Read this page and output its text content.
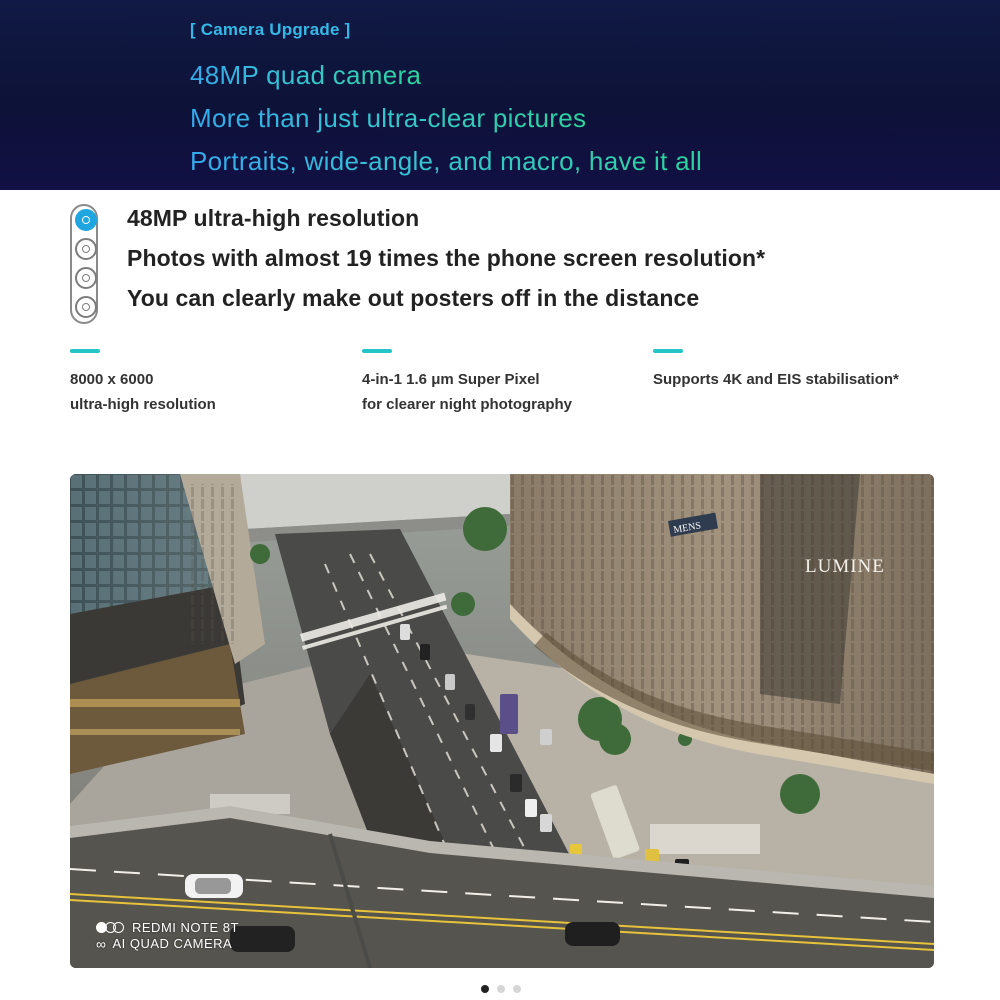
[ Camera Upgrade ]
48MP quad camera
More than just ultra-clear pictures
Portraits, wide-angle, and macro, have it all
48MP ultra-high resolution
Photos with almost 19 times the phone screen resolution*
You can clearly make out posters off in the distance
8000 x 6000
ultra-high resolution
4-in-1 1.6 μm Super Pixel
for clearer night photography
Supports 4K and EIS stabilisation*
MENS
LUMINE
REDMI NOTE 8T
∞ AI QUAD CAMERA
